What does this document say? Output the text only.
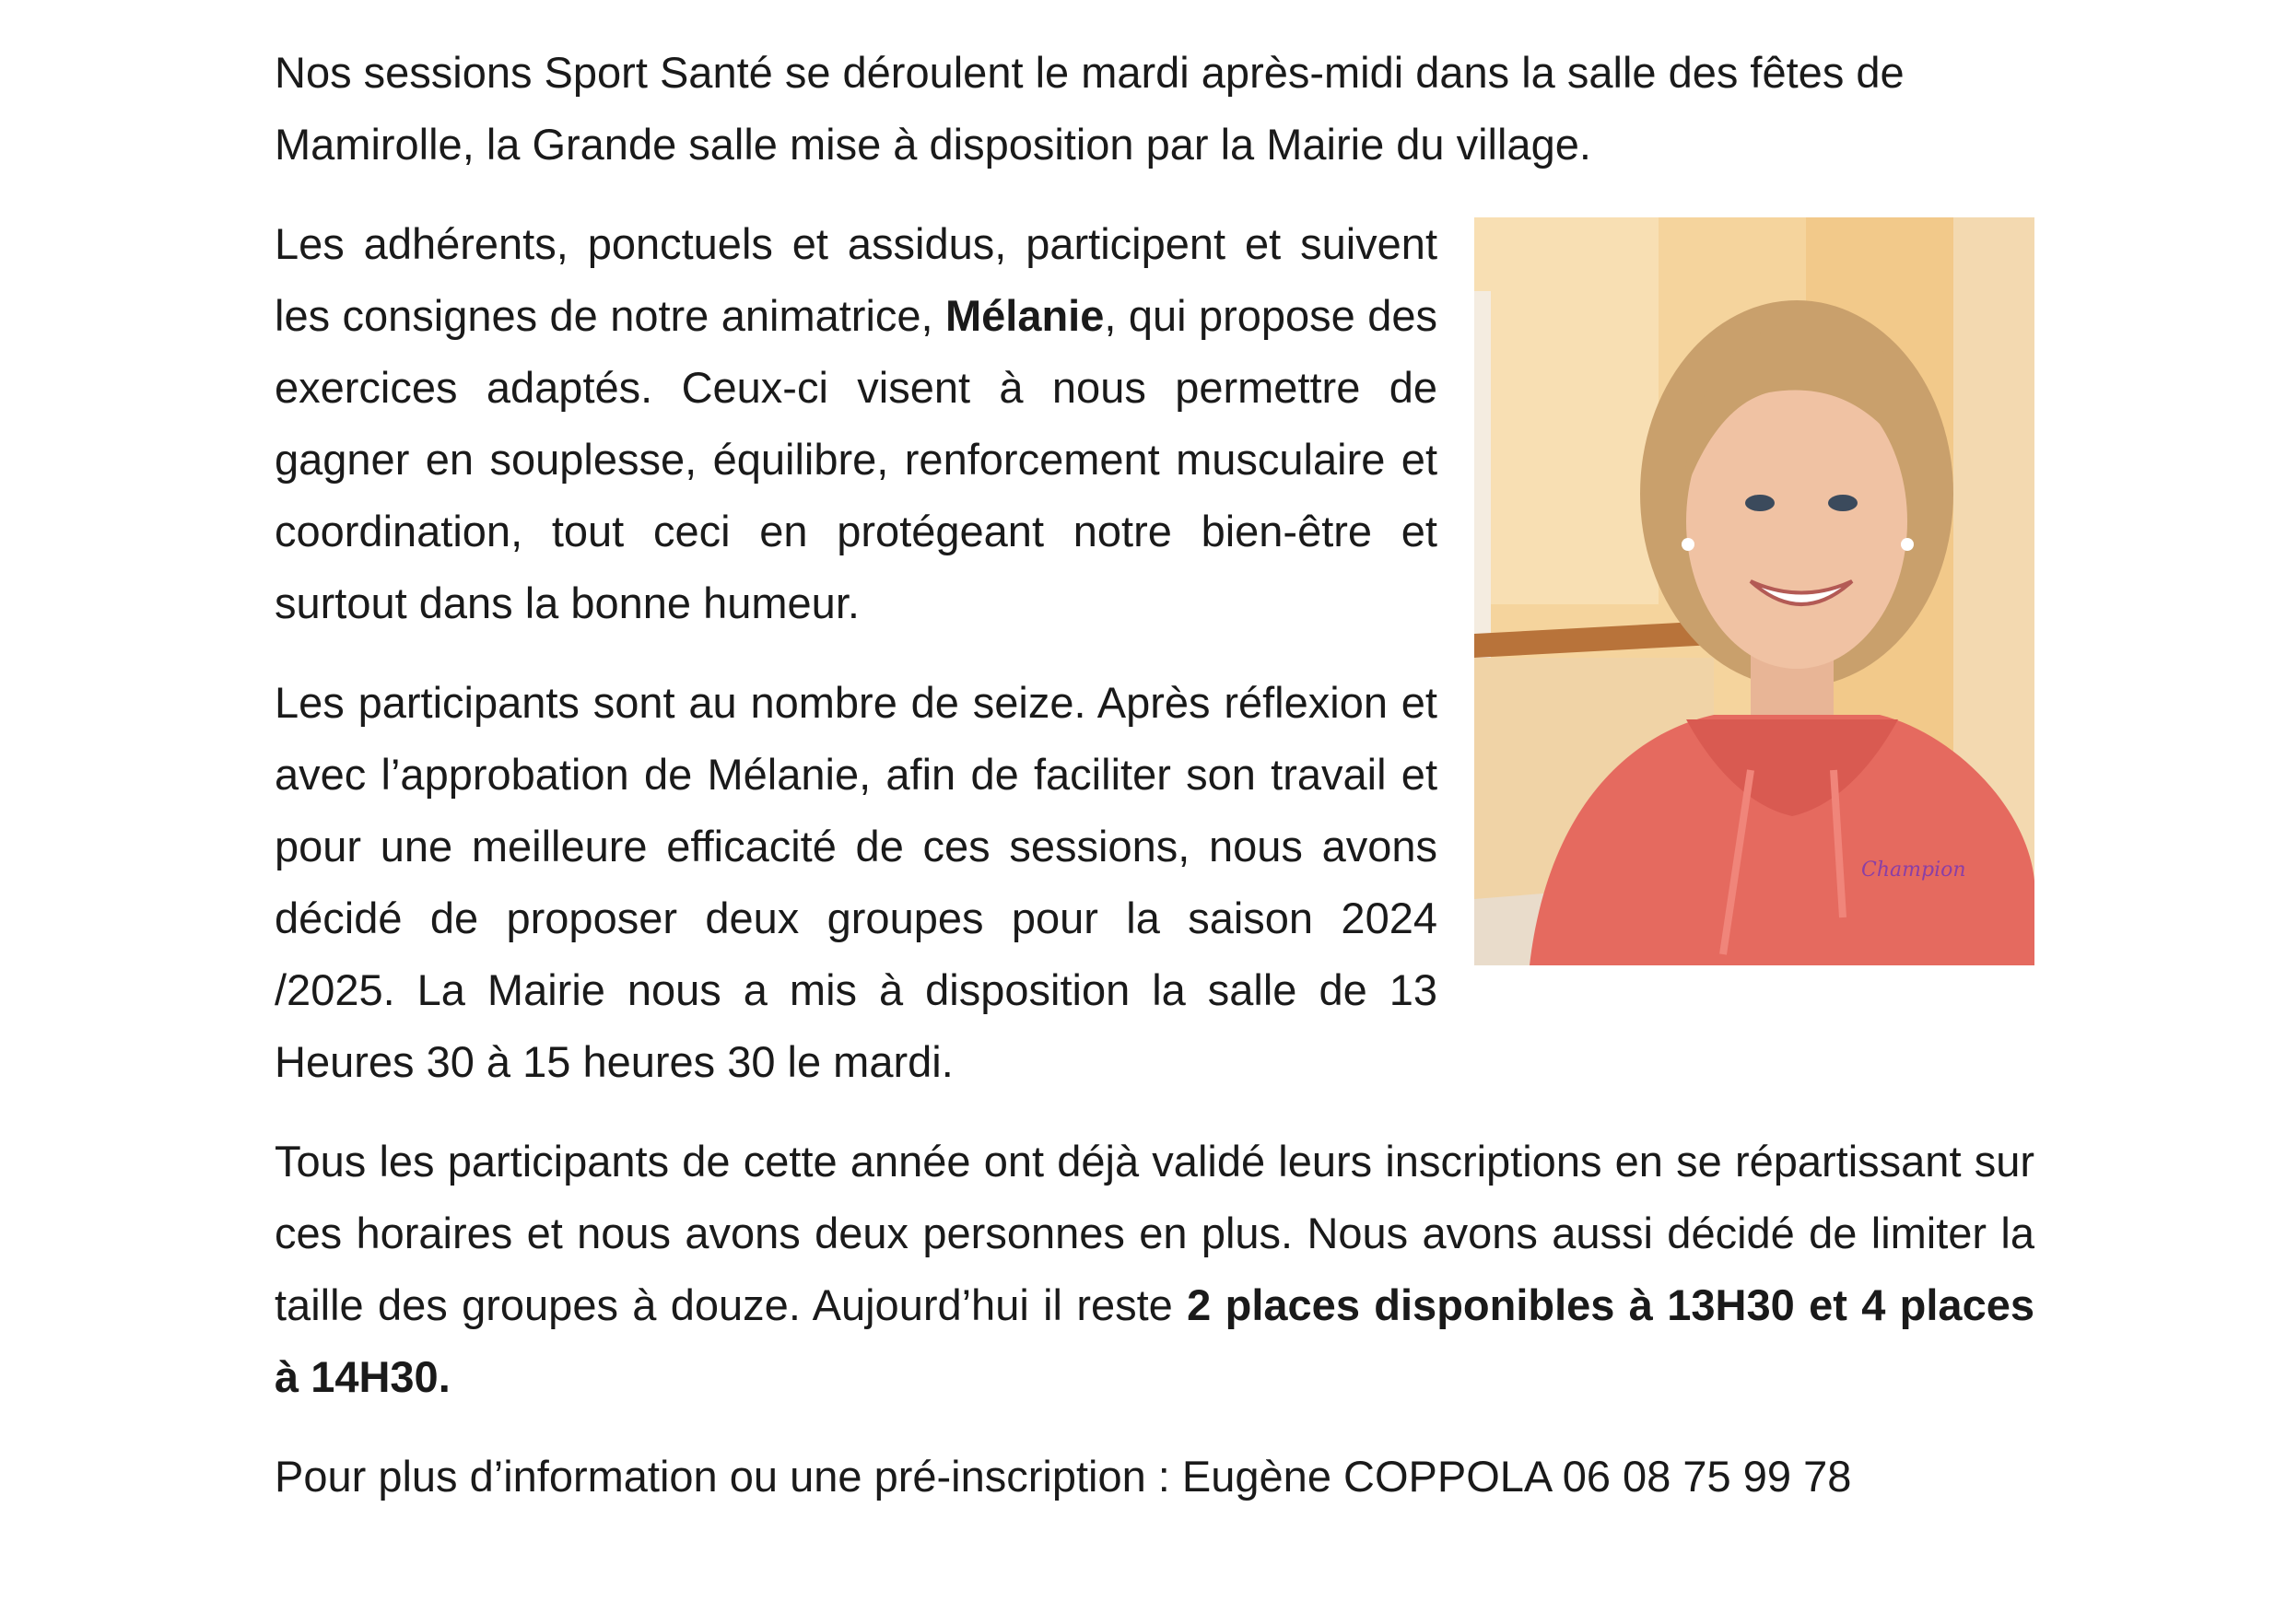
Nos sessions Sport Santé se déroulent le mardi après-midi dans la salle des fêtes de Mamirolle, la Grande salle mise à disposition par la Mairie du village.

Champion

Les adhérents, ponctuels et assidus, participent et suivent les consignes de notre animatrice, Mélanie, qui propose des exercices adaptés. Ceux-ci visent à nous permettre de gagner en souplesse, équilibre, renforcement musculaire et coordination, tout ceci en protégeant notre bien-être et surtout dans la bonne humeur.

Les participants sont au nombre de seize. Après réflexion et avec l’approbation de Mélanie, afin de faciliter son travail et pour une meilleure efficacité de ces sessions, nous avons décidé de proposer deux groupes pour la saison 2024 /2025. La Mairie nous a mis à disposition la salle de 13 Heures 30 à 15 heures 30 le mardi.

Tous les participants de cette année ont déjà validé leurs inscriptions en se répartissant sur ces horaires et nous avons deux personnes en plus. Nous avons aussi décidé de limiter la taille des groupes à douze. Aujourd’hui il reste 2 places disponibles à 13H30 et 4 places à 14H30.

Pour plus d’information ou une pré-inscription : Eugène COPPOLA 06 08 75 99 78
